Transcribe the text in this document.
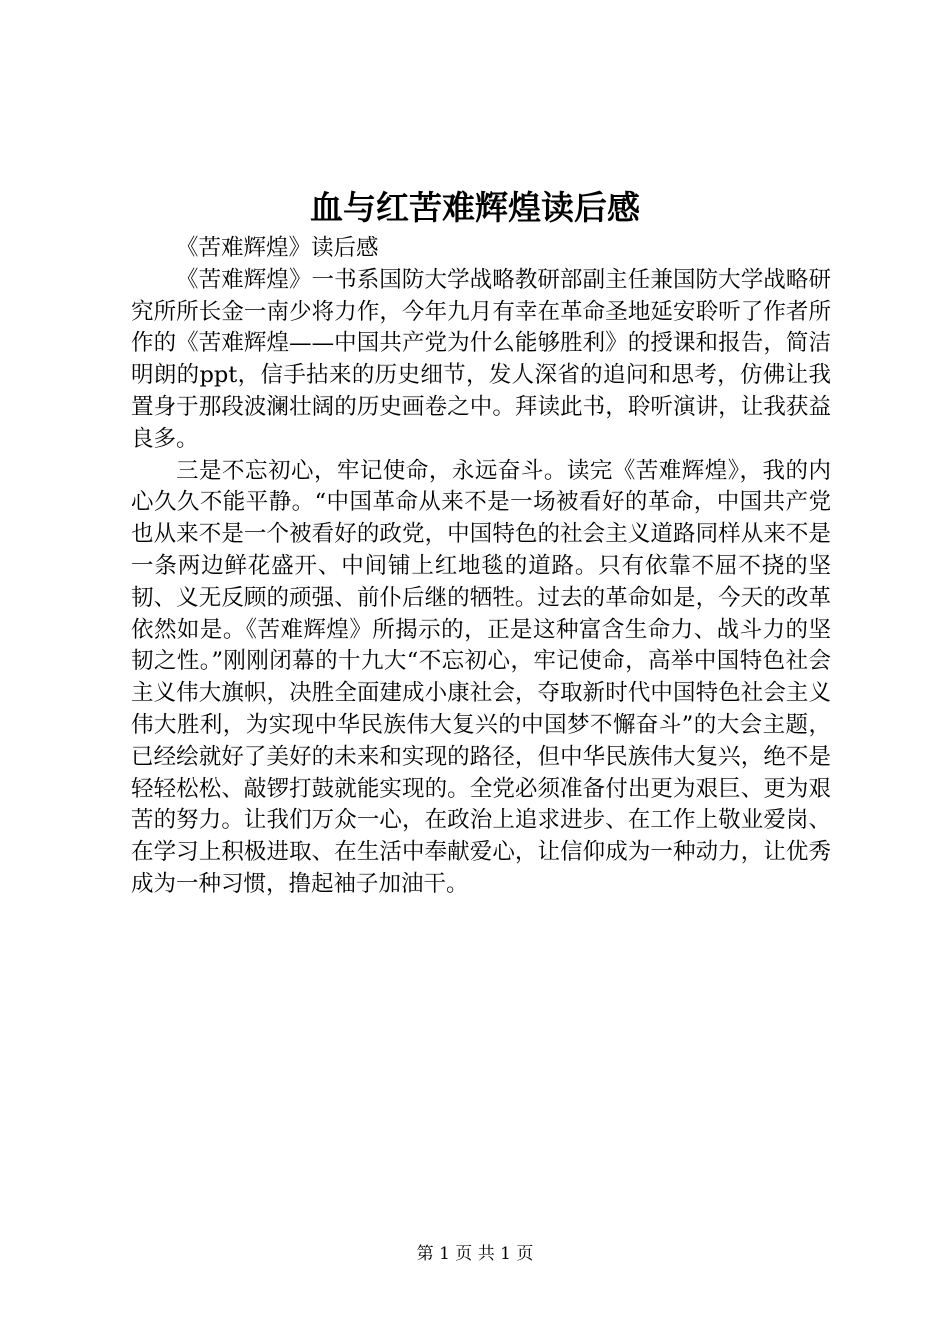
血与红苦难辉煌读后感

《苦难辉煌》读后感

《苦难辉煌》一书系国防大学战略教研部副主任兼国防大学战略研究所所长金一南少将力作，今年九月有幸在革命圣地延安聆听了作者所作的《苦难辉煌——中国共产党为什么能够胜利》的授课和报告，简洁明朗的ppt，信手拈来的历史细节，发人深省的追问和思考，仿佛让我置身于那段波澜壮阔的历史画卷之中。拜读此书，聆听演讲，让我获益良多。

三是不忘初心，牢记使命，永远奋斗。读完《苦难辉煌》，我的内心久久不能平静。“中国革命从来不是一场被看好的革命，中国共产党也从来不是一个被看好的政党，中国特色的社会主义道路同样从来不是一条两边鲜花盛开、中间铺上红地毯的道路。只有依靠不屈不挠的坚韧、义无反顾的顽强、前仆后继的牺牲。过去的革命如是，今天的改革依然如是。《苦难辉煌》所揭示的，正是这种富含生命力、战斗力的坚韧之性。”刚刚闭幕的十九大“不忘初心，牢记使命，高举中国特色社会主义伟大旗帜，决胜全面建成小康社会，夺取新时代中国特色社会主义伟大胜利，为实现中华民族伟大复兴的中国梦不懈奋斗”的大会主题，已经绘就好了美好的未来和实现的路径，但中华民族伟大复兴，绝不是轻轻松松、敲锣打鼓就能实现的。全党必须准备付出更为艰巨、更为艰苦的努力。让我们万众一心，在政治上追求进步、在工作上敬业爱岗、在学习上积极进取、在生活中奉献爱心，让信仰成为一种动力，让优秀成为一种习惯，撸起袖子加油干。

第 1 页 共 1 页
